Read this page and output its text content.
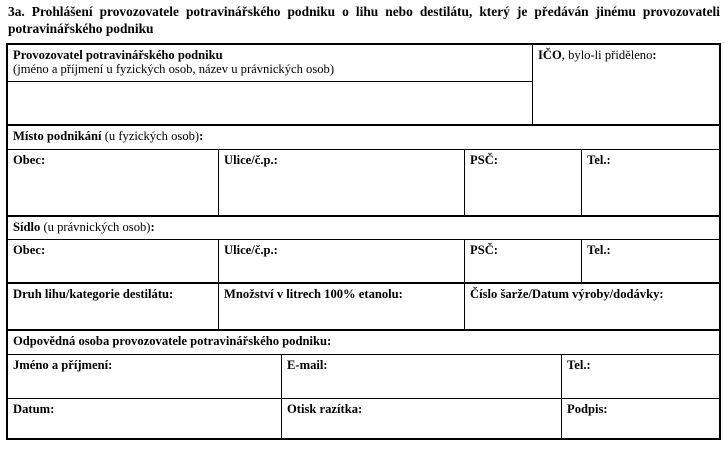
3a. Prohlášení provozovatele potravinářského podniku o lihu nebo destilátu, který je předáván jinému provozovateli potravinářského podniku
Provozovatel potravinářského podniku
(jméno a příjmení u fyzických osob, název u právnických osob)
IČO, bylo-li přiděleno:
Místo podnikání (u fyzických osob):
Obec:	Ulice/č.p.:	PSČ:	Tel.:
Sídlo (u právnických osob):
Obec:	Ulice/č.p.:	PSČ:	Tel.:
Druh lihu/kategorie destilátu:	Množství v litrech 100% etanolu:	Číslo šarže/Datum výroby/dodávky:
Odpovědná osoba provozovatele potravinářského podniku:
Jméno a příjmení:	E-mail:	Tel.:
Datum:	Otisk razítka:	Podpis:
